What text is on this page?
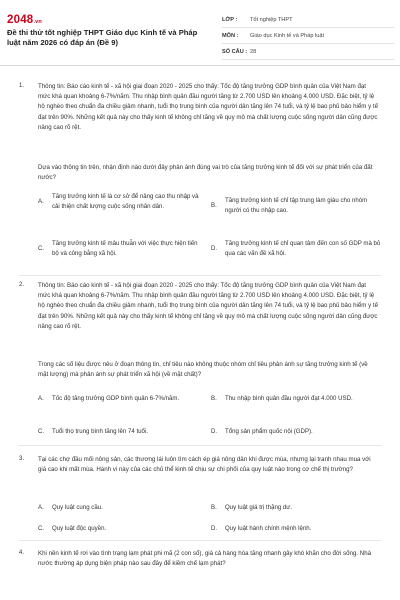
2048.vn
Đề thi thử tốt nghiệp THPT Giáo dục Kinh tế và Pháp luật năm 2026 có đáp án (Đề 9)
LỚP :	Tốt nghiệp THPT
MÔN :	Giáo dục Kinh tế và Pháp luật
SỐ CÂU : 28
1. Thông tin: Báo cáo kinh tế - xã hội giai đoạn 2020 - 2025 cho thấy: Tốc độ tăng trưởng GDP bình quân của Việt Nam đạt mức khá quan khoảng 6-7%/năm. Thu nhập bình quân đầu người tăng từ 2.700 USD lên khoảng 4.000 USD. Đặc biệt, tỷ lệ hộ nghèo theo chuẩn đa chiều giảm nhanh, tuổi thọ trung bình của người dân tăng lên 74 tuổi, và tỷ lệ bao phủ bảo hiểm y tế đạt trên 90%. Những kết quả này cho thấy kinh tế không chỉ tăng về quy mô mà chất lượng cuộc sống người dân cũng được nâng cao rõ rệt.
Dựa vào thông tin trên, nhận định nào dưới đây phản ánh đúng vai trò của tăng trưởng kinh tế đối với sự phát triển của đất nước?
A.
Tăng trưởng kinh tế là cơ sở để nâng cao thu nhập và cải thiện chất lượng cuộc sống nhân dân.	B.
Tăng trưởng kinh tế chỉ tập trung làm giàu cho nhóm người có thu nhập cao.
C.
Tăng trưởng kinh tế mâu thuẫn với việc thực hiện tiến bộ và công bằng xã hội.
D.
Tăng trưởng kinh tế chỉ quan tâm đến con số GDP mà bỏ qua các vấn đề xã hội.
2. Thông tin: Báo cáo kinh tế - xã hội giai đoạn 2020 - 2025 cho thấy: Tốc độ tăng trưởng GDP bình quân của Việt Nam đạt mức khá quan khoảng 6-7%/năm. Thu nhập bình quân đầu người tăng từ 2.700 USD lên khoảng 4.000 USD. Đặc biệt, tỷ lệ hộ nghèo theo chuẩn đa chiều giảm nhanh, tuổi thọ trung bình của người dân tăng lên 74 tuổi, và tỷ lệ bao phủ bảo hiểm y tế đạt trên 90%. Những kết quả này cho thấy kinh tế không chỉ tăng về quy mô mà chất lượng cuộc sống người dân cũng được nâng cao rõ rệt.
Trong các số liệu được nêu ở đoạn thông tin, chỉ tiêu nào không thuộc nhóm chỉ tiêu phản ánh sự tăng trưởng kinh tế (về mặt lượng) mà phản ánh sự phát triển xã hội (về mặt chất)?
A.	Tốc độ tăng trưởng GDP bình quân 6-7%/năm.	B.	Thu nhập bình quân đầu người đạt 4.000 USD.
C.	Tuổi thọ trung bình tăng lên 74 tuổi.	D.	Tổng sản phẩm quốc nội (GDP).
3. Tại các chợ đầu mối nông sản, các thương lái luôn tìm cách ép giá nông dân khi được mùa, nhưng lại tranh nhau mua với giá cao khi mất mùa. Hành vi này của các chủ thể kinh tế chịu sự chi phối của quy luật nào trong cơ chế thị trường?
A.	Quy luật cung cầu.	B.	Quy luật giá trị thặng dư.
C.	Quy luật độc quyền.	D.	Quy luật hành chính mệnh lệnh.
4. Khi nền kinh tế rơi vào tình trạng lạm phát phi mã (2 con số), giá cả hàng hóa tăng nhanh gây khó khăn cho đời sống. Nhà nước thường áp dụng biện pháp nào sau đây để kiềm chế lạm phát?
